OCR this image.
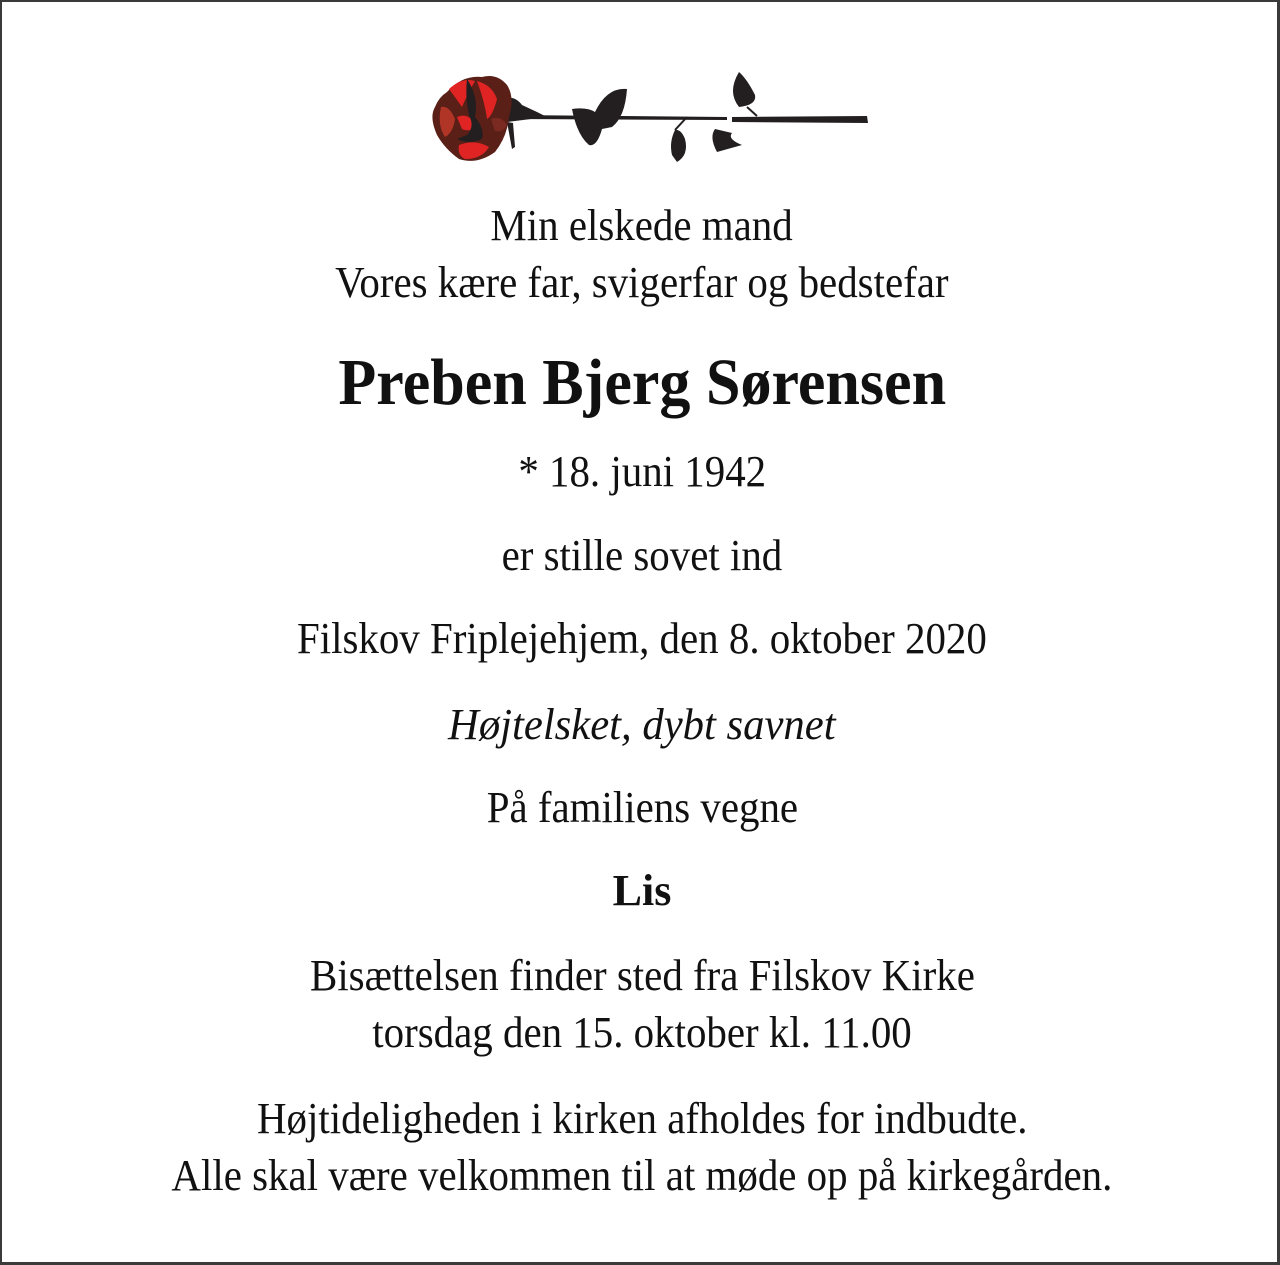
Min elskede mand
Vores kære far, svigerfar og bedstefar
Preben Bjerg Sørensen
* 18. juni 1942
er stille sovet ind
Filskov Friplejehjem, den 8. oktober 2020
Højtelsket, dybt savnet
På familiens vegne
Lis
Bisættelsen finder sted fra Filskov Kirke
torsdag den 15. oktober kl. 11.00
Højtideligheden i kirken afholdes for indbudte.
Alle skal være velkommen til at møde op på kirkegården.
